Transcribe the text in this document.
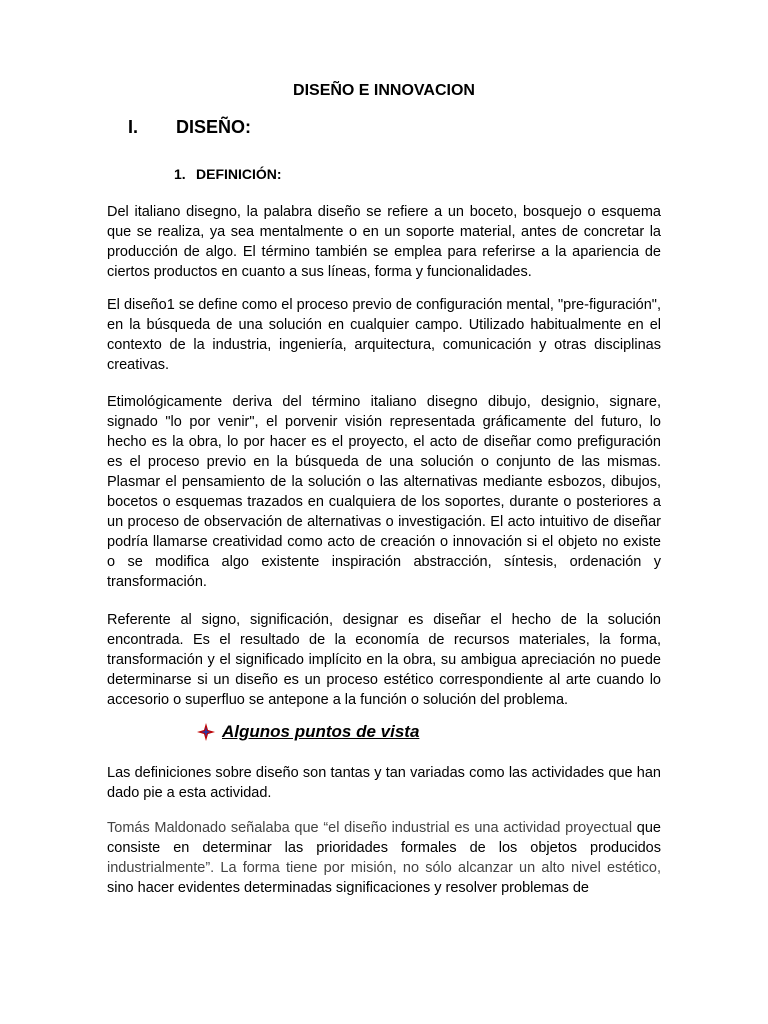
DISEÑO E INNOVACION
I.	DISEÑO:
1. DEFINICIÓN:

Del italiano disegno, la palabra diseño se refiere a un boceto, bosquejo o esquema que se realiza, ya sea mentalmente o en un soporte material, antes de concretar la producción de algo. El término también se emplea para referirse a la apariencia de ciertos productos en cuanto a sus líneas, forma y funcionalidades.

El diseño1 se define como el proceso previo de configuración mental, "pre-figuración", en la búsqueda de una solución en cualquier campo. Utilizado habitualmente en el contexto de la industria, ingeniería, arquitectura, comunicación y otras disciplinas creativas.

Etimológicamente deriva del término italiano disegno dibujo, designio, signare, signado "lo por venir", el porvenir visión representada gráficamente del futuro, lo hecho es la obra, lo por hacer es el proyecto, el acto de diseñar como prefiguración es el proceso previo en la búsqueda de una solución o conjunto de las mismas. Plasmar el pensamiento de la solución o las alternativas mediante esbozos, dibujos, bocetos o esquemas trazados en cualquiera de los soportes, durante o posteriores a un proceso de observación de alternativas o investigación. El acto intuitivo de diseñar podría llamarse creatividad como acto de creación o innovación si el objeto no existe o se modifica algo existente inspiración abstracción, síntesis, ordenación y transformación.

Referente al signo, significación, designar es diseñar el hecho de la solución encontrada. Es el resultado de la economía de recursos materiales, la forma, transformación y el significado implícito en la obra, su ambigua apreciación no puede determinarse si un diseño es un proceso estético correspondiente al arte cuando lo accesorio o superfluo se antepone a la función o solución del problema.

Algunos puntos de vista

Las definiciones sobre diseño son tantas y tan variadas como las actividades que han dado pie a esta actividad.

Tomás Maldonado señalaba que “el diseño industrial es una actividad proyectual que consiste en determinar las prioridades formales de los objetos producidos industrialmente”. La forma tiene por misión, no sólo alcanzar un alto nivel estético, sino hacer evidentes determinadas significaciones y resolver problemas de
